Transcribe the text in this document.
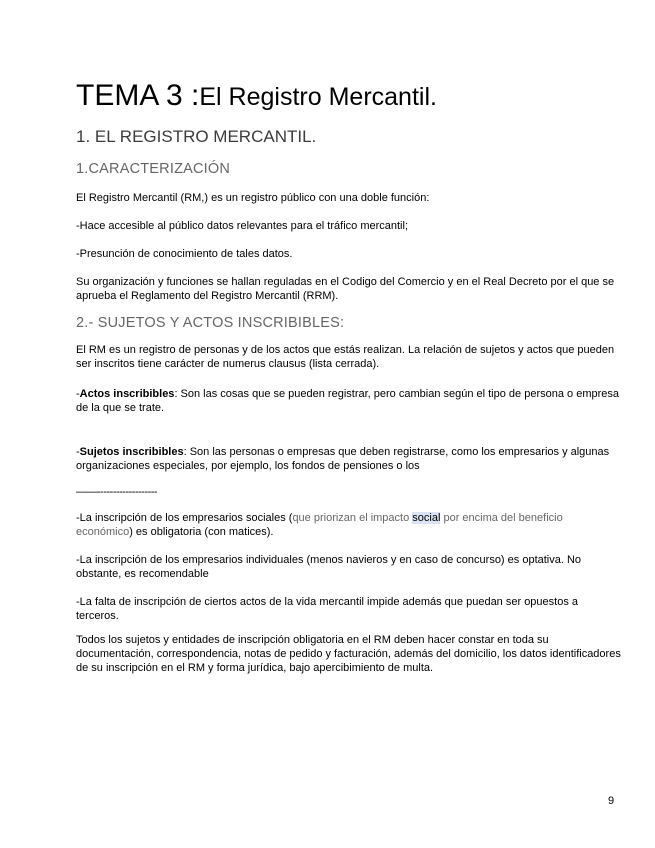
TEMA 3 :El Registro Mercantil.
1. EL REGISTRO MERCANTIL.
1.CARACTERIZACIÓN

El Registro Mercantil (RM,) es un registro público con una doble función:

-Hace accesible al público datos relevantes para el tráfico mercantil;

-Presunción de conocimiento de tales datos.

Su organización y funciones se hallan reguladas en el Codigo del Comercio y en el Real Decreto por el que se aprueba el Reglamento del Registro Mercantil (RRM).

2.- SUJETOS Y ACTOS INSCRIBIBLES:

El RM es un registro de personas y de los actos que estás realizan. La relación de sujetos y actos que pueden ser inscritos tiene carácter de numerus clausus (lista cerrada).

-Actos inscribibles: Son las cosas que se pueden registrar, pero cambian según el tipo de persona o empresa de la que se trate.

-Sujetos inscribibles: Son las personas o empresas que deben registrarse, como los empresarios y algunas organizaciones especiales, por ejemplo, los fondos de pensiones o los

——-------------------

-La inscripción de los empresarios sociales (que priorizan el impacto social por encima del beneficio económico) es obligatoria (con matices).

-La inscripción de los empresarios individuales (menos navieros y en caso de concurso) es optativa. No obstante, es recomendable

-La falta de inscripción de ciertos actos de la vida mercantil impide además que puedan ser opuestos a terceros.

Todos los sujetos y entidades de inscripción obligatoria en el RM deben hacer constar en toda su documentación, correspondencia, notas de pedido y facturación, además del domicilio, los datos identificadores de su inscripción en el RM y forma jurídica, bajo apercibimiento de multa.

9
